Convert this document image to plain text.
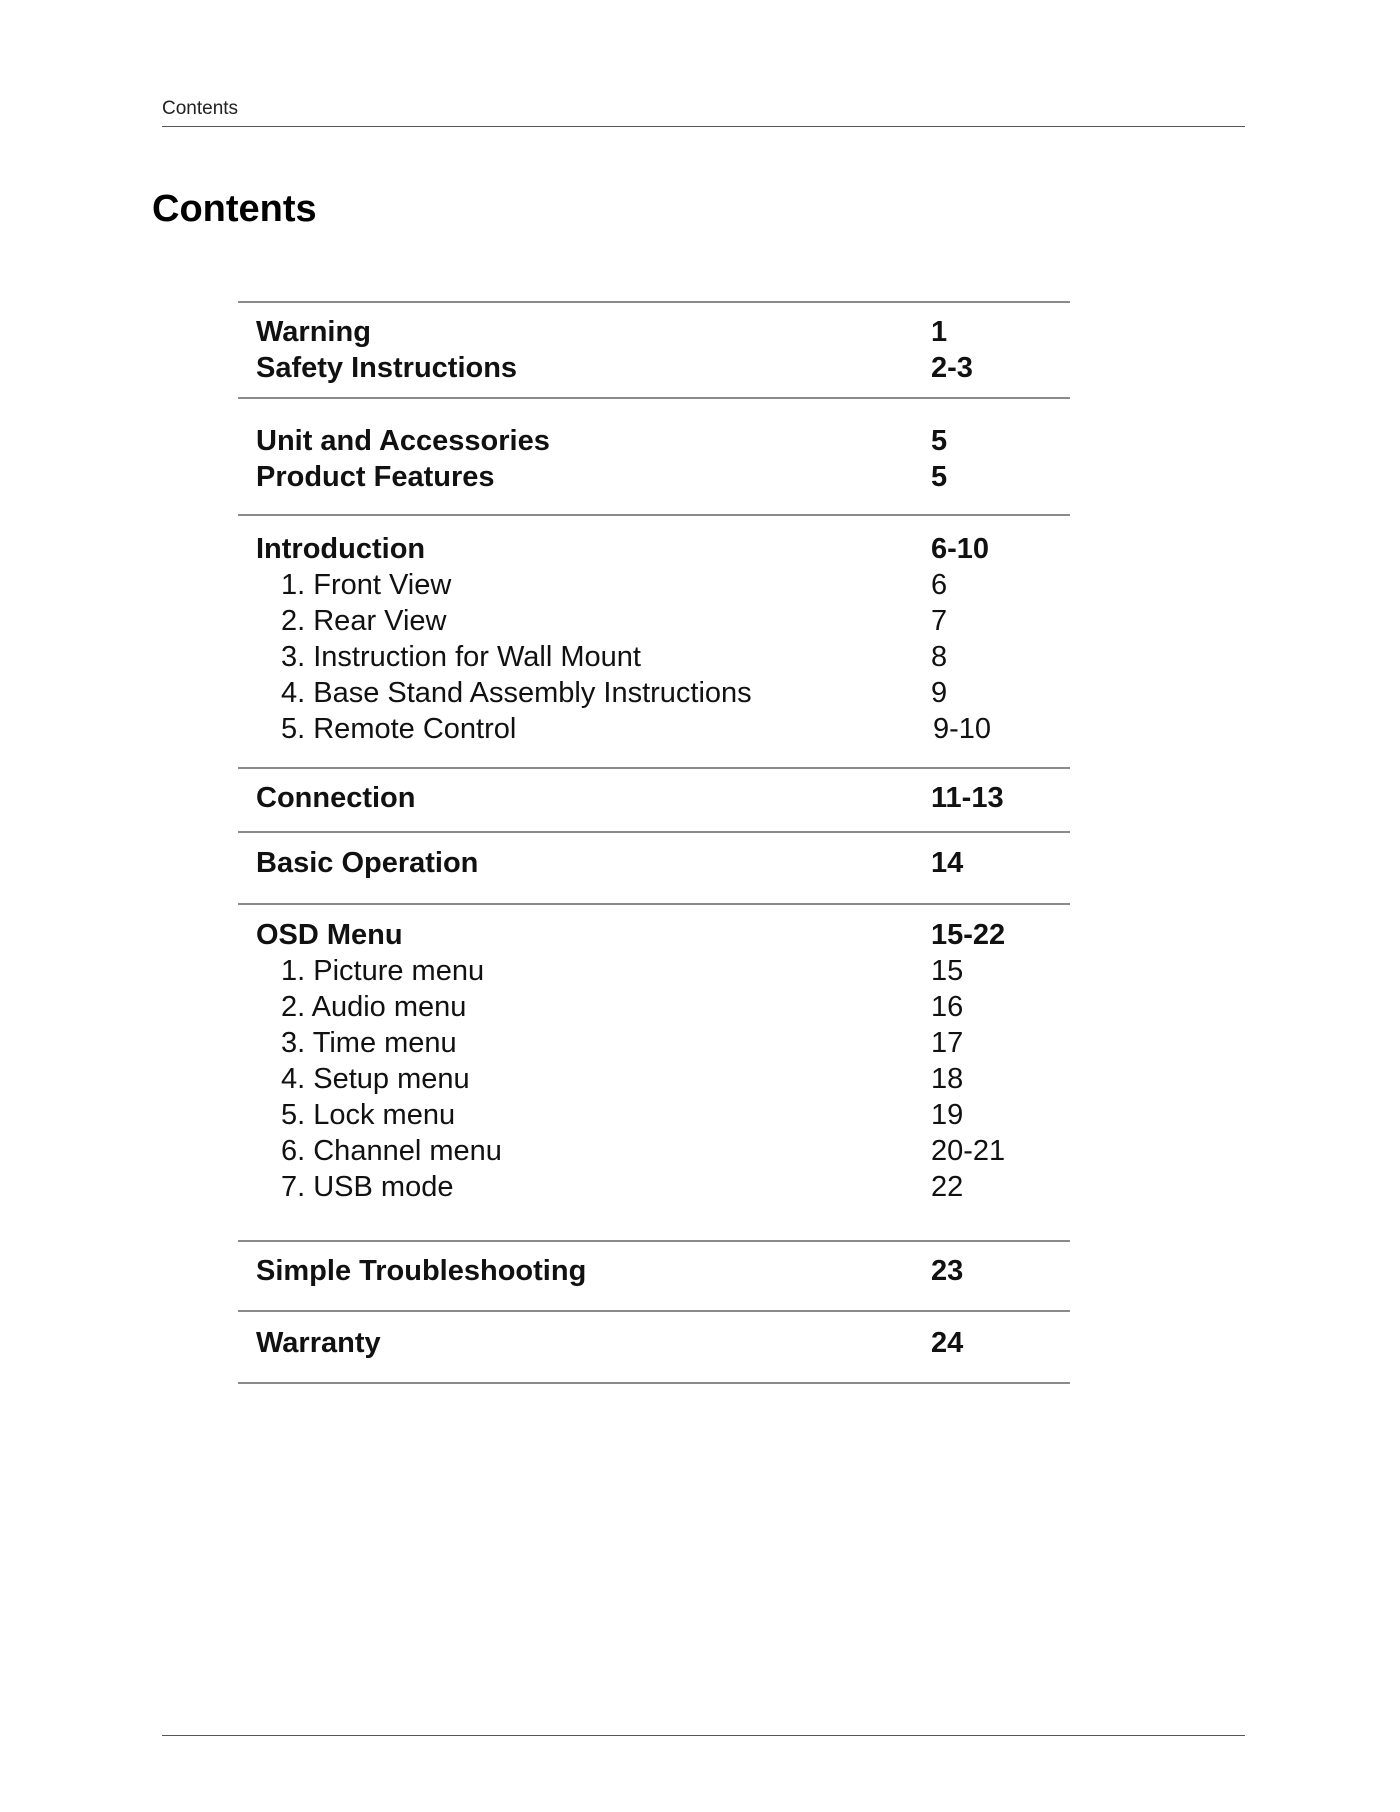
Contents
Contents
Warning	1
Safety Instructions	2-3
Unit and Accessories	5
Product Features	5
Introduction	6-10
1. Front View	6
2. Rear View	7
3. Instruction for Wall Mount	8
4. Base Stand Assembly Instructions	9
5. Remote Control	9-10
Connection	11-13
Basic Operation	14
OSD Menu	15-22
1. Picture menu	15
2. Audio menu	16
3. Time menu	17
4. Setup menu	18
5. Lock menu	19
6. Channel menu	20-21
7. USB mode	22
Simple Troubleshooting	23
Warranty	24
